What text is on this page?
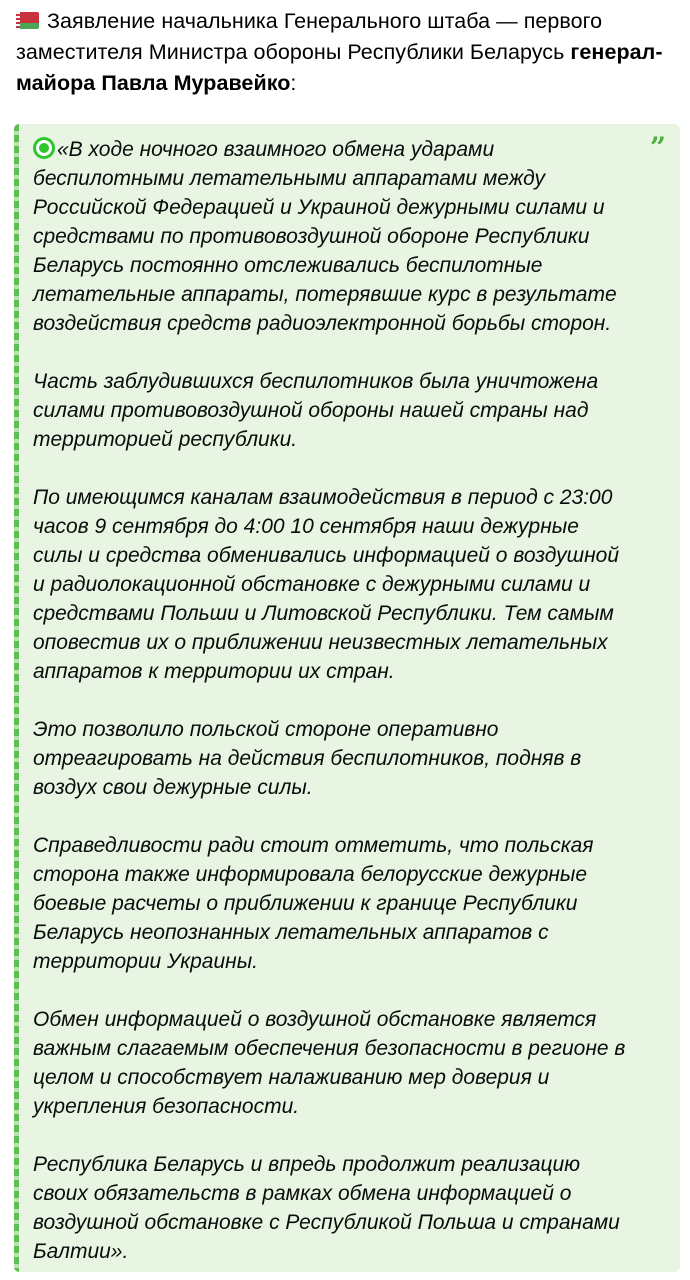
Заявление начальника Генерального штаба — первого заместителя Министра обороны Республики Беларусь генерал-майора Павла Муравейко:
”

«В ходе ночного взаимного обмена ударами
беспилотными летательными аппаратами между
Российской Федерацией и Украиной дежурными силами и
средствами по противовоздушной обороне Республики
Беларусь постоянно отслеживались беспилотные
летательные аппараты, потерявшие курс в результате
воздействия средств радиоэлектронной борьбы сторон.

Часть заблудившихся беспилотников была уничтожена
силами противовоздушной обороны нашей страны над
территорией республики.

По имеющимся каналам взаимодействия в период с 23:00
часов 9 сентября до 4:00 10 сентября наши дежурные
силы и средства обменивались информацией о воздушной
и радиолокационной обстановке с дежурными силами и
средствами Польши и Литовской Республики. Тем самым
оповестив их о приближении неизвестных летательных
аппаратов к территории их стран.

Это позволило польской стороне оперативно
отреагировать на действия беспилотников, подняв в
воздух свои дежурные силы.

Справедливости ради стоит отметить, что польская
сторона также информировала белорусские дежурные
боевые расчеты о приближении к границе Республики
Беларусь неопознанных летательных аппаратов с
территории Украины.

Обмен информацией о воздушной обстановке является
важным слагаемым обеспечения безопасности в регионе в
целом и способствует налаживанию мер доверия и
укрепления безопасности.

Республика Беларусь и впредь продолжит реализацию
своих обязательств в рамках обмена информацией о
воздушной обстановке с Республикой Польша и странами
Балтии».
